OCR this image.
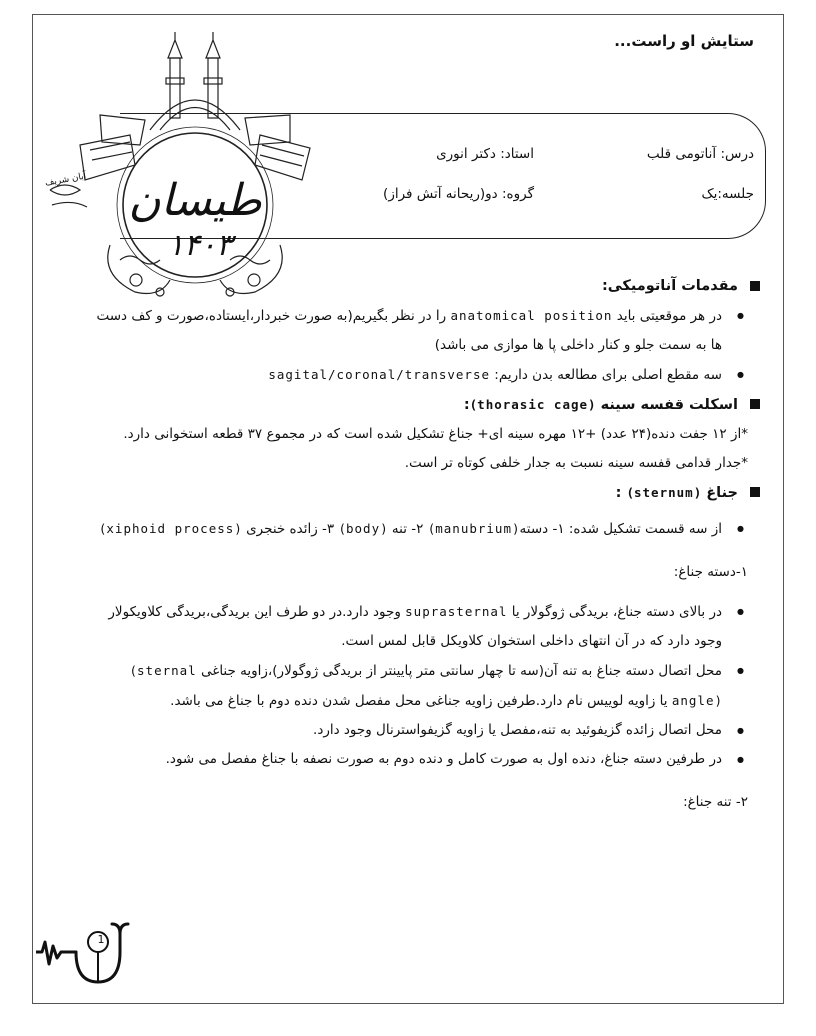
ستایش او راست...
درس: آناتومی قلب
استاد: دکتر انوری
جلسه:یک
گروه: دو(ریحانه آتش فراز)
طیسان
۱۴۰۳
آبان شریف
مقدمات آناتومیکی:

● در هر موقعیتی باید anatomical position را در نظر بگیریم(به صورت خبردار،ایستاده،صورت و کف دست ها به سمت جلو و کنار داخلی پا ها موازی می باشد)

● سه مقطع اصلی برای مطالعه بدن داریم: sagital/coronal/transverse

اسکلت قفسه سینه (thorasic cage):

*از ۱۲ جفت دنده(۲۴ عدد) +۱۲ مهره سینه ای+ جناغ تشکیل شده است که در مجموع ۳۷ قطعه استخوانی دارد.

*جدار قدامی قفسه سینه نسبت به جدار خلفی کوتاه تر است.

جناغ (sternum) :

● از سه قسمت تشکیل شده: ۱- دسته(manubrium) ۲- تنه (body) ۳- زائده خنجری (xiphoid process)

۱-دسته جناغ:

● در بالای دسته جناغ، بریدگی ژوگولار یا suprasternal وجود دارد.در دو طرف این بریدگی،بریدگی کلاویکولار وجود دارد که در آن انتهای داخلی استخوان کلاویکل قابل لمس است.

● محل اتصال دسته جناغ به تنه آن(سه تا چهار سانتی متر پایینتر از بریدگی ژوگولار)،زاویه جناغی (sternal angle) یا زاویه لوییس نام دارد.طرفین زاویه جناغی محل مفصل شدن دنده دوم با جناغ می باشد.

● محل اتصال زائده گزیفوئید به تنه،مفصل یا زاویه گزیفواسترنال وجود دارد.

● در طرفین دسته جناغ، دنده اول به صورت کامل و دنده دوم به صورت نصفه با جناغ مفصل می شود.

۲- تنه جناغ:

1
